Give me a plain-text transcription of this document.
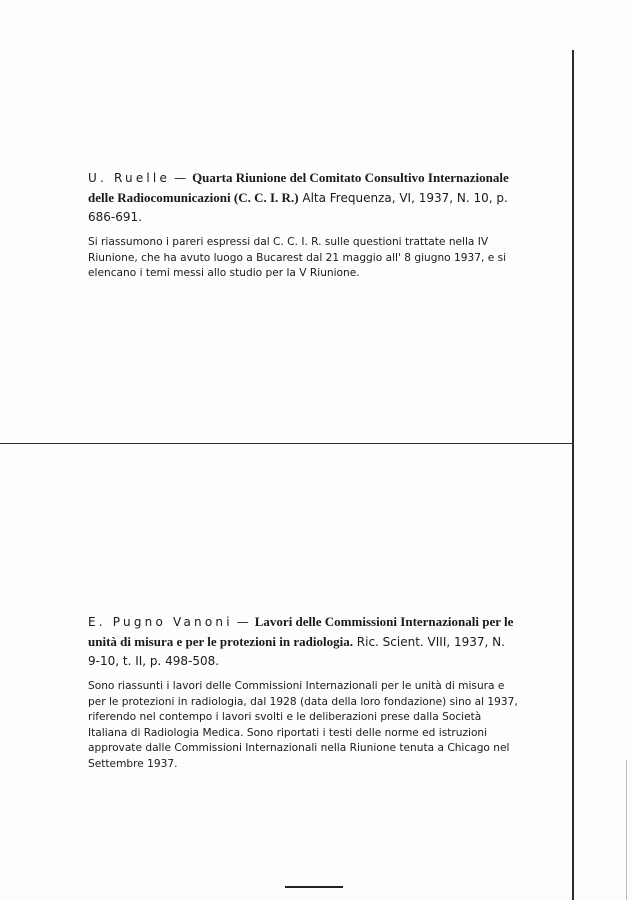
U. Ruelle — Quarta Riunione del Comitato Consultivo Internazionale delle Radiocomunicazioni (C. C. I. R.) Alta Frequenza, VI, 1937, N. 10, p. 686-691.

Si riassumono i pareri espressi dal C. C. I. R. sulle questioni trattate nella IV Riunione, che ha avuto luogo a Bucarest dal 21 maggio all' 8 giugno 1937, e si elencano i temi messi allo studio per la V Riunione.

E. Pugno Vanoni — Lavori delle Commissioni Internazionali per le unità di misura e per le protezioni in radiologia. Ric. Scient. VIII, 1937, N. 9-10, t. II, p. 498-508.

Sono riassunti i lavori delle Commissioni Internazionali per le unità di misura e per le protezioni in radiologia, dal 1928 (data della loro fondazione) sino al 1937, riferendo nel contempo i lavori svolti e le deliberazioni prese dalla Società Italiana di Radiologia Medica. Sono riportati i testi delle norme ed istruzioni approvate dalle Commissioni Internazionali nella Riunione tenuta a Chicago nel Settembre 1937.
